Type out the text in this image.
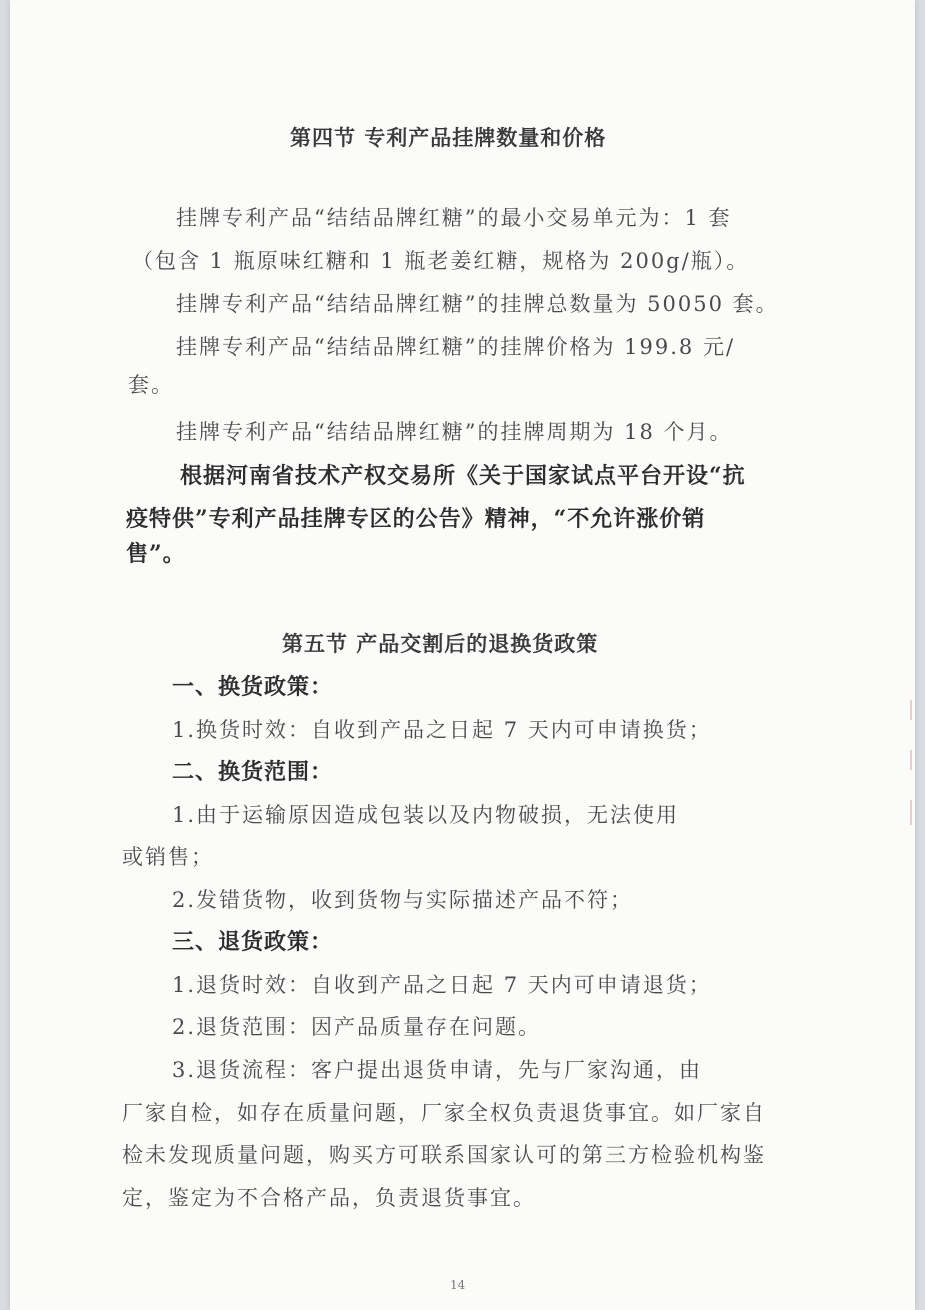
第四节 专利产品挂牌数量和价格
挂牌专利产品“结结品牌红糖”的最小交易单元为：1 套
（包含 1 瓶原味红糖和 1 瓶老姜红糖，规格为 200g/瓶）。
挂牌专利产品“结结品牌红糖”的挂牌总数量为 50050 套。
挂牌专利产品“结结品牌红糖”的挂牌价格为 199.8 元/
套。
挂牌专利产品“结结品牌红糖”的挂牌周期为 18 个月。
根据河南省技术产权交易所《关于国家试点平台开设“抗
疫特供”专利产品挂牌专区的公告》精神，“不允许涨价销
售”。
第五节 产品交割后的退换货政策
一、换货政策：
1.换货时效：自收到产品之日起 7 天内可申请换货；
二、换货范围：
1.由于运输原因造成包装以及内物破损，无法使用
或销售；
2.发错货物，收到货物与实际描述产品不符；
三、退货政策：
1.退货时效：自收到产品之日起 7 天内可申请退货；
2.退货范围：因产品质量存在问题。
3.退货流程：客户提出退货申请，先与厂家沟通，由
厂家自检，如存在质量问题，厂家全权负责退货事宜。如厂家自
检未发现质量问题，购买方可联系国家认可的第三方检验机构鉴
定，鉴定为不合格产品，负责退货事宜。
14
